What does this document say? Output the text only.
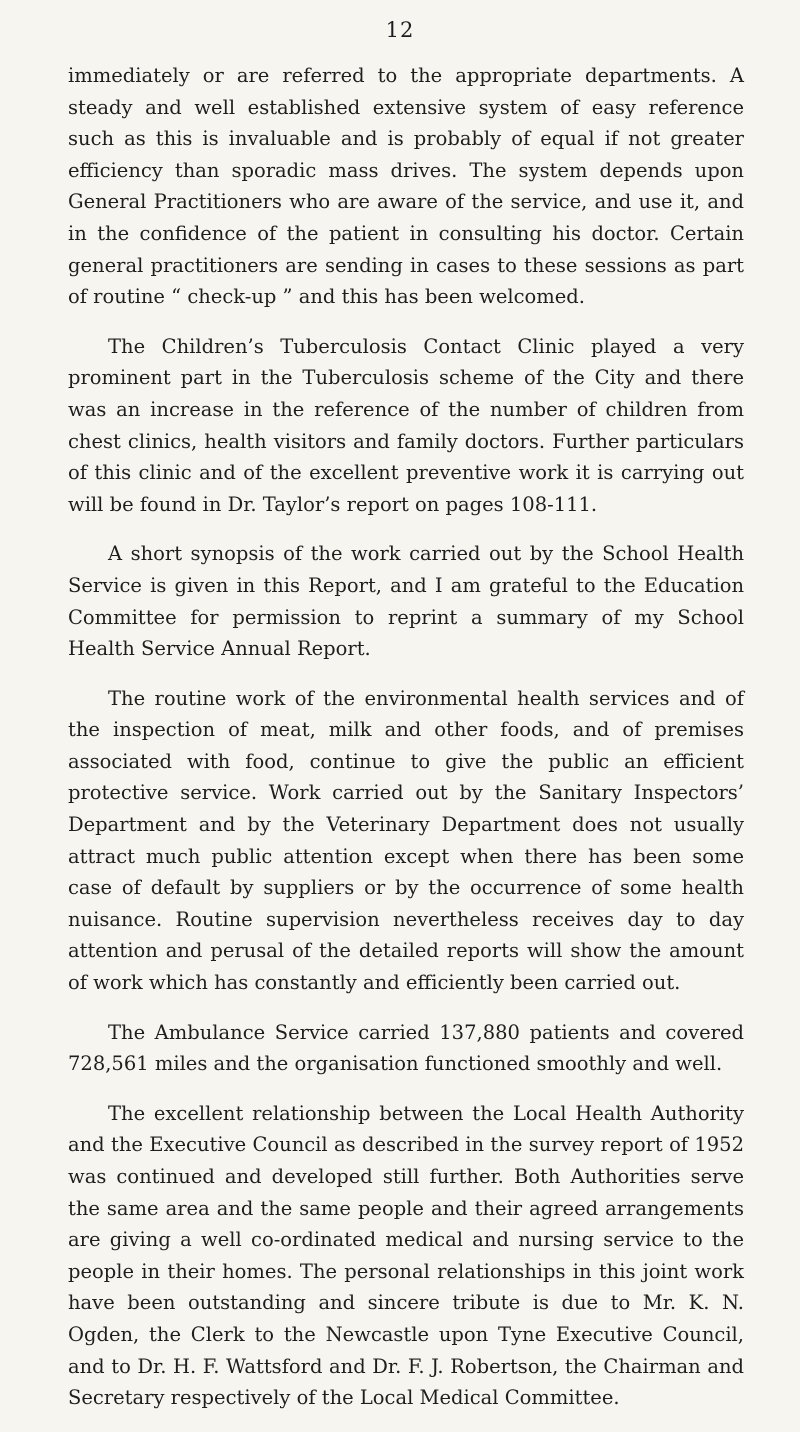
12

immediately or are referred to the appropriate departments. A steady and well established extensive system of easy reference such as this is invaluable and is probably of equal if not greater efficiency than sporadic mass drives. The system depends upon General Practitioners who are aware of the service, and use it, and in the confidence of the patient in consulting his doctor. Certain general practitioners are sending in cases to these sessions as part of routine “ check-up ” and this has been welcomed.

The Children’s Tuberculosis Contact Clinic played a very prominent part in the Tuberculosis scheme of the City and there was an increase in the reference of the number of children from chest clinics, health visitors and family doctors. Further particulars of this clinic and of the excellent preventive work it is carrying out will be found in Dr. Taylor’s report on pages 108-111.

A short synopsis of the work carried out by the School Health Service is given in this Report, and I am grateful to the Education Committee for permission to reprint a summary of my School Health Service Annual Report.

The routine work of the environmental health services and of the inspection of meat, milk and other foods, and of premises associated with food, continue to give the public an efficient protective service. Work carried out by the Sanitary Inspectors’ Department and by the Veterinary Department does not usually attract much public attention except when there has been some case of default by suppliers or by the occurrence of some health nuisance. Routine supervision nevertheless receives day to day attention and perusal of the detailed reports will show the amount of work which has constantly and efficiently been carried out.

The Ambulance Service carried 137,880 patients and covered 728,561 miles and the organisation functioned smoothly and well.

The excellent relationship between the Local Health Authority and the Executive Council as described in the survey report of 1952 was continued and developed still further. Both Authorities serve the same area and the same people and their agreed arrangements are giving a well co-ordinated medical and nursing service to the people in their homes. The personal relationships in this joint work have been outstanding and sincere tribute is due to Mr. K. N. Ogden, the Clerk to the Newcastle upon Tyne Executive Council, and to Dr. H. F. Wattsford and Dr. F. J. Robertson, the Chairman and Secretary respectively of the Local Medical Committee.
